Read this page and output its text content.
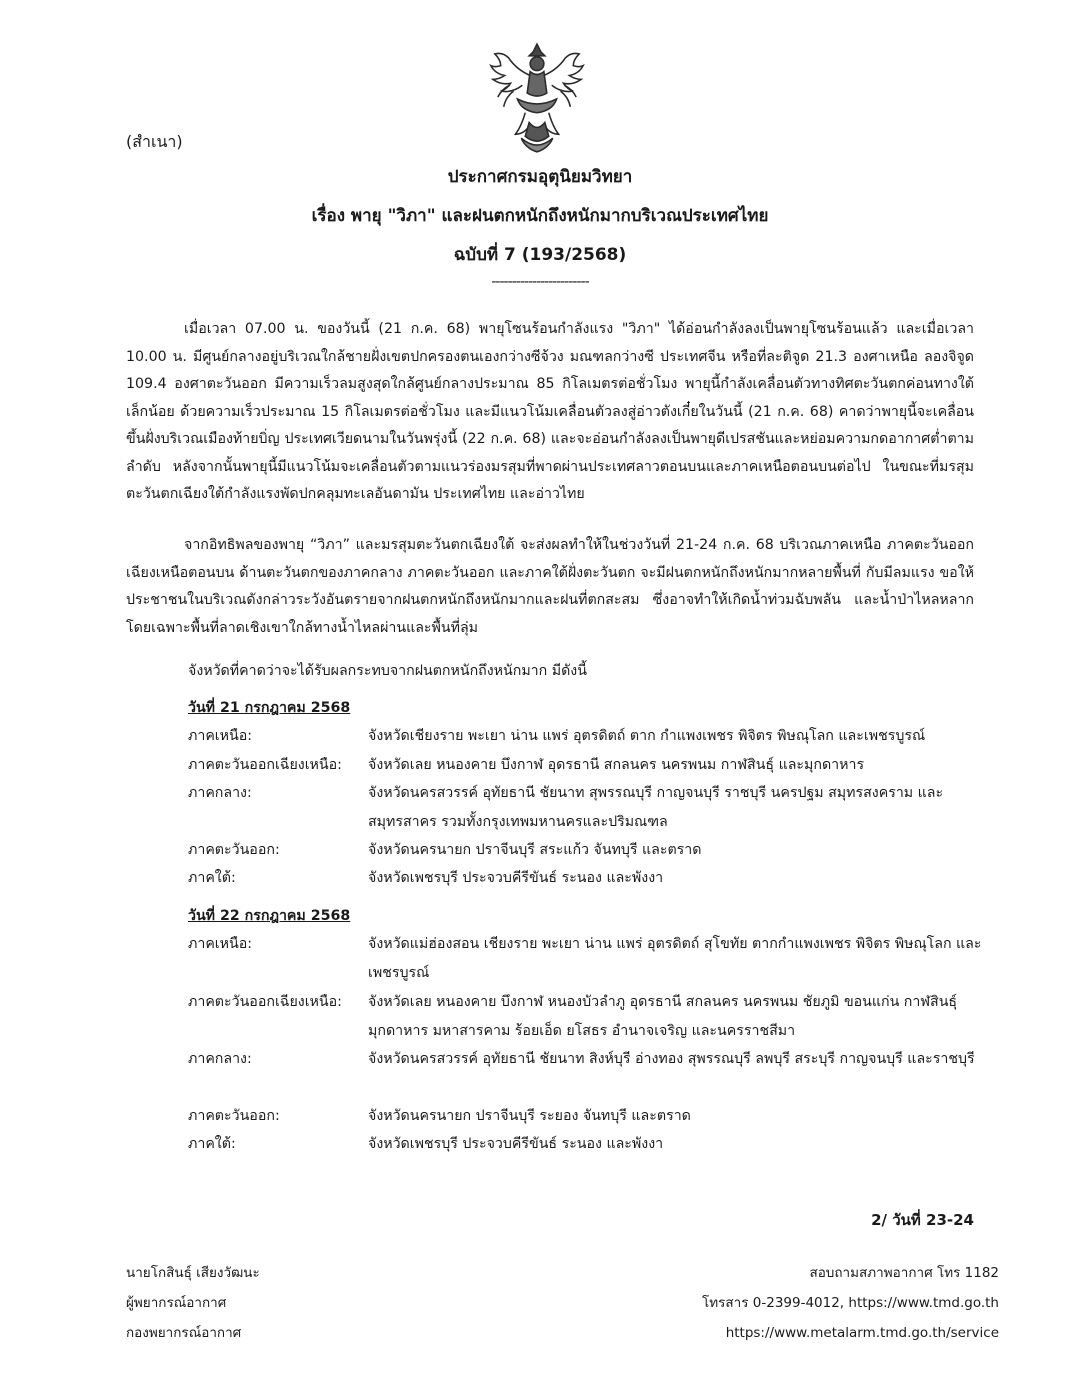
(สำเนา)
ประกาศกรมอุตุนิยมวิทยา
เรื่อง พายุ "วิภา" และฝนตกหนักถึงหนักมากบริเวณประเทศไทย
ฉบับที่ 7 (193/2568)
------------------------
เมื่อเวลา 07.00 น. ของวันนี้ (21 ก.ค. 68) พายุโซนร้อนกำลังแรง "วิภา" ได้อ่อนกำลังลงเป็นพายุโซนร้อนแล้ว และเมื่อเวลา 10.00 น. มีศูนย์กลางอยู่บริเวณใกล้ชายฝั่งเขตปกครองตนเองกว่างซีจ้วง มณฑลกว่างซี ประเทศจีน หรือที่ละติจูด 21.3 องศาเหนือ ลองจิจูด 109.4 องศาตะวันออก มีความเร็วลมสูงสุดใกล้ศูนย์กลางประมาณ 85 กิโลเมตรต่อชั่วโมง พายุนี้กำลังเคลื่อนตัวทางทิศตะวันตกค่อนทางใต้เล็กน้อย ด้วยความเร็วประมาณ 15 กิโลเมตรต่อชั่วโมง และมีแนวโน้มเคลื่อนตัวลงสู่อ่าวตังเกี๋ยในวันนี้ (21 ก.ค. 68) คาดว่าพายุนี้จะเคลื่อนขึ้นฝั่งบริเวณเมืองท้ายบิ่ญ ประเทศเวียดนามในวันพรุ่งนี้ (22 ก.ค. 68) และจะอ่อนกำลังลงเป็นพายุดีเปรสชันและหย่อมความกดอากาศต่ำตามลำดับ หลังจากนั้นพายุนี้มีแนวโน้มจะเคลื่อนตัวตามแนวร่องมรสุมที่พาดผ่านประเทศลาวตอนบนและภาคเหนือตอนบนต่อไป ในขณะที่มรสุมตะวันตกเฉียงใต้กำลังแรงพัดปกคลุมทะเลอันดามัน ประเทศไทย และอ่าวไทย
จากอิทธิพลของพายุ “วิภา” และมรสุมตะวันตกเฉียงใต้ จะส่งผลทำให้ในช่วงวันที่ 21-24 ก.ค. 68 บริเวณภาคเหนือ ภาคตะวันออกเฉียงเหนือตอนบน ด้านตะวันตกของภาคกลาง ภาคตะวันออก และภาคใต้ฝั่งตะวันตก จะมีฝนตกหนักถึงหนักมากหลายพื้นที่ กับมีลมแรง ขอให้ประชาชนในบริเวณดังกล่าวระวังอันตรายจากฝนตกหนักถึงหนักมากและฝนที่ตกสะสม ซึ่งอาจทำให้เกิดน้ำท่วมฉับพลัน และน้ำป่าไหลหลาก โดยเฉพาะพื้นที่ลาดเชิงเขาใกล้ทางน้ำไหลผ่านและพื้นที่ลุ่ม
จังหวัดที่คาดว่าจะได้รับผลกระทบจากฝนตกหนักถึงหนักมาก มีดังนี้
วันที่ 21 กรกฎาคม 2568
ภาคเหนือ:	จังหวัดเชียงราย พะเยา น่าน แพร่ อุตรดิตถ์ ตาก กำแพงเพชร พิจิตร พิษณุโลก และเพชรบูรณ์
ภาคตะวันออกเฉียงเหนือ:	จังหวัดเลย หนองคาย บึงกาฬ อุดรธานี สกลนคร นครพนม กาฬสินธุ์ และมุกดาหาร
ภาคกลาง:	จังหวัดนครสวรรค์ อุทัยธานี ชัยนาท สุพรรณบุรี กาญจนบุรี ราชบุรี นครปฐม สมุทรสงคราม และสมุทรสาคร รวมทั้งกรุงเทพมหานครและปริมณฑล
ภาคตะวันออก:	จังหวัดนครนายก ปราจีนบุรี สระแก้ว จันทบุรี และตราด
ภาคใต้:	จังหวัดเพชรบุรี ประจวบคีรีขันธ์ ระนอง และพังงา
วันที่ 22 กรกฎาคม 2568
ภาคเหนือ:	จังหวัดแม่ฮ่องสอน เชียงราย พะเยา น่าน แพร่ อุตรดิตถ์ สุโขทัย ตากกำแพงเพชร พิจิตร พิษณุโลก และเพชรบูรณ์
ภาคตะวันออกเฉียงเหนือ:	จังหวัดเลย หนองคาย บึงกาฬ หนองบัวลำภู อุดรธานี สกลนคร นครพนม ชัยภูมิ ขอนแก่น กาฬสินธุ์ มุกดาหาร มหาสารคาม ร้อยเอ็ด ยโสธร อำนาจเจริญ และนครราชสีมา
ภาคกลาง:	จังหวัดนครสวรรค์ อุทัยธานี ชัยนาท สิงห์บุรี อ่างทอง สุพรรณบุรี ลพบุรี สระบุรี กาญจนบุรี และราชบุรี
ภาคตะวันออก:	จังหวัดนครนายก ปราจีนบุรี ระยอง จันทบุรี และตราด
ภาคใต้:	จังหวัดเพชรบุรี ประจวบคีรีขันธ์ ระนอง และพังงา
2/ วันที่ 23-24
นายโกสินธุ์ เสียงวัฒนะ
ผู้พยากรณ์อากาศ
กองพยากรณ์อากาศ
สอบถามสภาพอากาศ โทร 1182
โทรสาร 0-2399-4012, https://www.tmd.go.th
https://www.metalarm.tmd.go.th/service
